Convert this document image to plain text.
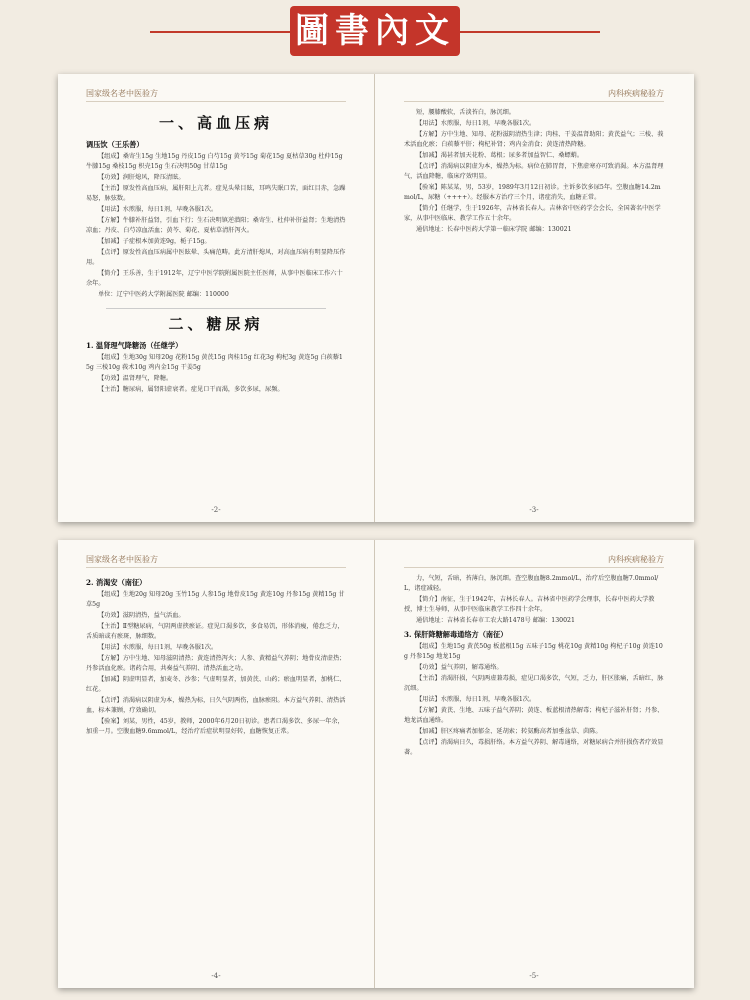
圖書內文
国家级名老中医验方
一、高血压病
调压饮（王乐善）
【组成】桑寄生15g 生地15g 丹皮15g 白芍15g 黄芩15g 菊花15g 夏枯草30g 杜仲15g 牛膝15g 桑枝15g 枳壳15g 生石决明50g 甘草15g
【功效】润肝熄风，降压清眩。
【主治】原发性高血压病，属肝阳上亢者。症见头晕目眩，耳鸣失眠口苦，面红目赤，急躁易怒，脉弦数。
【用法】水煎服，每日1剂，早晚各服1次。
【方解】牛膝补肝益肾，引血下行；生石决明镇逆潜阳；桑寄生、杜仲补肝益肾；生地清热凉血；丹皮、白芍凉血活血；黄芩、菊花、夏枯草清肝泻火。
【加减】子症根本加黄连9g，栀子15g。
【点评】原发性高血压病属中医眩晕、头痛范畴。此方清肝熄风，对高血压病有明显降压作用。
【简介】王乐善，生于1912年，辽宁中医学院附属医院主任医师，从事中医临床工作六十余年。
单位：辽宁中医药大学附属医院 邮编：110000
二、糖尿病
1. 温肾理气降糖汤（任继学）
【组成】生地30g 知母20g 花粉15g 黄芪15g 肉桂15g 红花3g 枸杞3g 黄连5g 白蒺藜15g 三棱10g 莪术10g 鸡内金15g 干姜5g
【功效】温肾理气，降糖。
【主治】糖尿病，属肾阳虚衰者。症见口干而渴，多饮多尿，尿频。
-2-
内科疾病秘验方
短，腰膝酸软，舌淡苔白，脉沉细。
【用法】水煎服，每日1剂，早晚各服1次。
【方解】方中生地、知母、花粉滋阴清热生津；肉桂、干姜温肾助阳；黄芪益气；三棱、莪术活血化瘀；白蒺藜平肝；枸杞补肾；鸡内金消食；黄连清热降糖。
【加减】渴甚者加天花粉、葛根；尿多者加益智仁、桑螵蛸。
【点评】消渴病以阴虚为本，燥热为标。病位在肺胃肾，下焦虚寒亦可致消渴。本方温肾理气，活血降糖，临床疗效明显。
【验案】陈某某，男，53岁，1989年3月12日初诊。主诉多饮多尿5年。空腹血糖14.2mmol/L，尿糖（++++）。经服本方治疗三个月，诸症消失，血糖正常。
【简介】任继学，生于1926年，吉林省长春人。吉林省中医药学会会长，全国著名中医学家，从事中医临床、教学工作五十余年。
通信地址：长春中医药大学第一临床学院 邮编：130021
-3-
国家级名老中医验方
2. 消渴安（南征）
【组成】生地20g 知母20g 玉竹15g 人参15g 地骨皮15g 黄连10g 丹参15g 黄精15g 甘草5g
【功效】滋阴清热，益气活血。
【主治】Ⅱ型糖尿病，气阴两虚挟瘀证。症见口渴多饮，多食易饥，形体消瘦，倦怠乏力，舌质暗或有瘀斑，脉细数。
【用法】水煎服，每日1剂，早晚各服1次。
【方解】方中生地、知母滋阴清热；黄连清热泻火；人参、黄精益气养阴；地骨皮清虚热；丹参活血化瘀。诸药合用，共奏益气养阴、清热活血之功。
【加减】阴虚明显者，加麦冬、沙参；气虚明显者，加黄芪、山药；瘀血明显者，加桃仁、红花。
【点评】消渴病以阴虚为本，燥热为标，日久气阴两伤，血脉瘀阻。本方益气养阴、清热活血，标本兼顾，疗效确切。
【验案】刘某，男性，45岁，教师，2000年6月20日初诊。患者口渴多饮、多尿一年余，加重一月。空腹血糖9.6mmol/L，经治疗后症状明显好转，血糖恢复正常。
-4-
内科疾病秘验方
力，气短，舌暗，苔薄白，脉沉细。查空腹血糖8.2mmol/L，治疗后空腹血糖7.0mmol/L，诸症减轻。
【简介】南征，生于1942年，吉林长春人。吉林省中医药学会理事，长春中医药大学教授，博士生导师，从事中医临床教学工作四十余年。
通信地址：吉林省长春市工农大路1478号 邮编：130021
3. 保肝降糖解毒通络方（南征）
【组成】生地15g 黄芪50g 板蓝根15g 五味子15g 桃花10g 黄精10g 枸杞子10g 黄连10g 丹参15g 地龙15g
【功效】益气养阴，解毒通络。
【主治】消渴肝损，气阴两虚兼毒损，症见口渴多饮，气短，乏力，肝区胀痛，舌暗红，脉沉细。
【用法】水煎服，每日1剂，早晚各服1次。
【方解】黄芪、生地、五味子益气养阴；黄连、板蓝根清热解毒；枸杞子滋补肝肾；丹参、地龙活血通络。
【加减】肝区疼痛者加郁金、延胡索；转氨酶高者加垂盆草、茵陈。
【点评】消渴病日久，毒损肝络。本方益气养阴、解毒通络，对糖尿病合并肝损伤者疗效显著。
-5-
